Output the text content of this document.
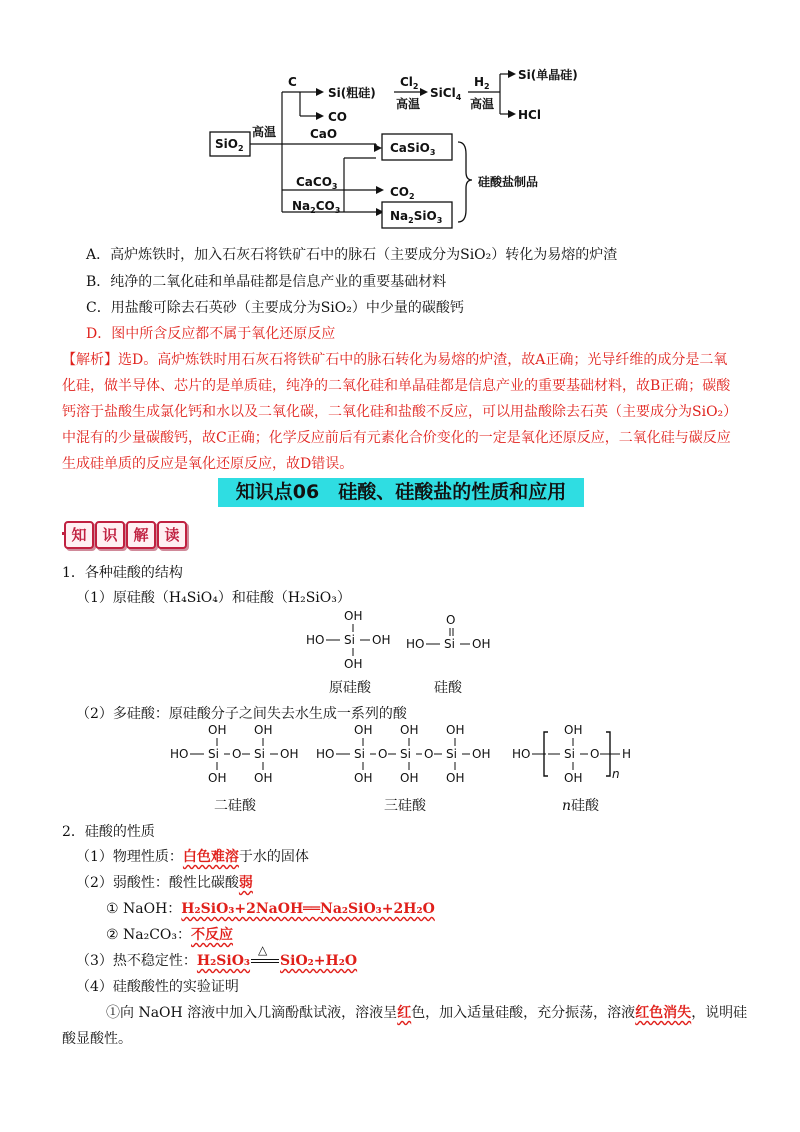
SiO$_2$
高温
C
Si(粗硅)
CO
$Cl_2$
高温
SiCl$_4$
$H_2$
高温
Si(单晶硅)
HCl
CaO
CaSiO$_3$
CaCO$_3$
$Na_2CO_3$
$CO_2$
$Na_2SiO_3$
硅酸盐制品
A．高炉炼铁时，加入石灰石将铁矿石中的脉石（主要成分为SiO₂）转化为易熔的炉渣
B．纯净的二氧化硅和单晶硅都是信息产业的重要基础材料
C．用盐酸可除去石英砂（主要成分为SiO₂）中少量的碳酸钙
D．图中所含反应都不属于氧化还原反应
【解析】选D。高炉炼铁时用石灰石将铁矿石中的脉石转化为易熔的炉渣，故A正确；光导纤维的成分是二氧
化硅，做半导体、芯片的是单质硅，纯净的二氧化硅和单晶硅都是信息产业的重要基础材料，故B正确；碳酸
钙溶于盐酸生成氯化钙和水以及二氧化碳，二氧化硅和盐酸不反应，可以用盐酸除去石英（主要成分为SiO₂）
中混有的少量碳酸钙，故C正确；化学反应前后有元素化合价变化的一定是氧化还原反应，二氧化硅与碳反应
生成硅单质的反应是氧化还原反应，故D错误。
知识点06　硅酸、硅酸盐的性质和应用
知	识	解	读
1．各种硅酸的结构
（1）原硅酸（H₄SiO₄）和硅酸（H₂SiO₃）
OH
HO Si OH
OH
O
HO Si OH
原硅酸	硅酸
（2）多硅酸：原硅酸分子之间失去水生成一系列的酸
OH OH
HO Si O Si OH
OH OH
OH OH OH
HO Si O Si O Si OH
OH OH OH
HO
OH
Si O
OH
H
n
二硅酸	三硅酸	n硅酸
2．硅酸的性质
（1）物理性质：白色难溶于水的固体
（2）弱酸性：酸性比碳酸弱
① NaOH：H₂SiO₃+2NaOH══Na₂SiO₃+2H₂O
② Na₂CO₃：不反应
（3）热不稳定性：H₂SiO₃
△
SiO₂+H₂O
（4）硅酸酸性的实验证明
①向 NaOH 溶液中加入几滴酚酞试液，溶液呈红色，加入适量硅酸，充分振荡，溶液红色消失，说明硅
酸显酸性。
